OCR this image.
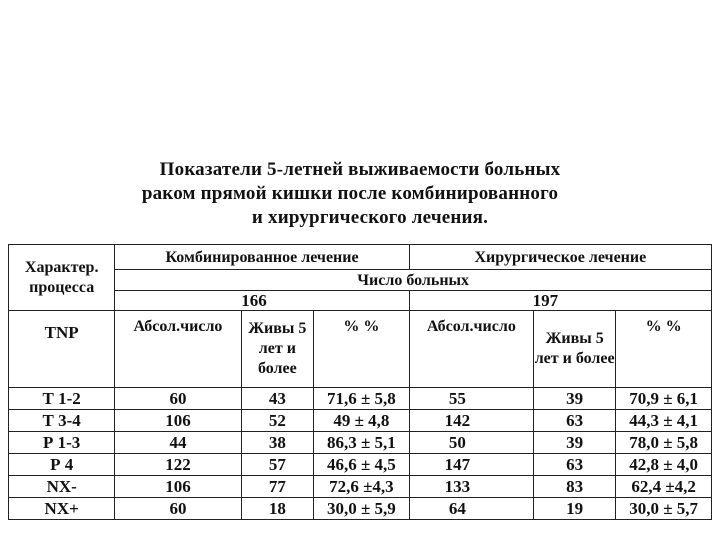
Показатели 5-летней выживаемости больных
раком прямой кишки после комбинированного
и хирургического лечения.
Характер. процесса	Комбинированное лечение			Хирургическое лечение		
	Число больных					
	166			197		
TNP	Абсол.число	Живы 5 лет и более	% %	Абсол.число	Живы 5 лет и более	% %
Т 1-2	60	43	71,6 ± 5,8	55	39	70,9 ± 6,1
Т 3-4	106	52	49 ± 4,8	142	63	44,3 ± 4,1
Р 1-3	44	38	86,3 ± 5,1	50	39	78,0 ± 5,8
Р 4	122	57	46,6 ± 4,5	147	63	42,8 ± 4,0
NX-	106	77	72,6 ±4,3	133	83	62,4 ±4,2
NX+	60	18	30,0 ± 5,9	64	19	30,0 ± 5,7
